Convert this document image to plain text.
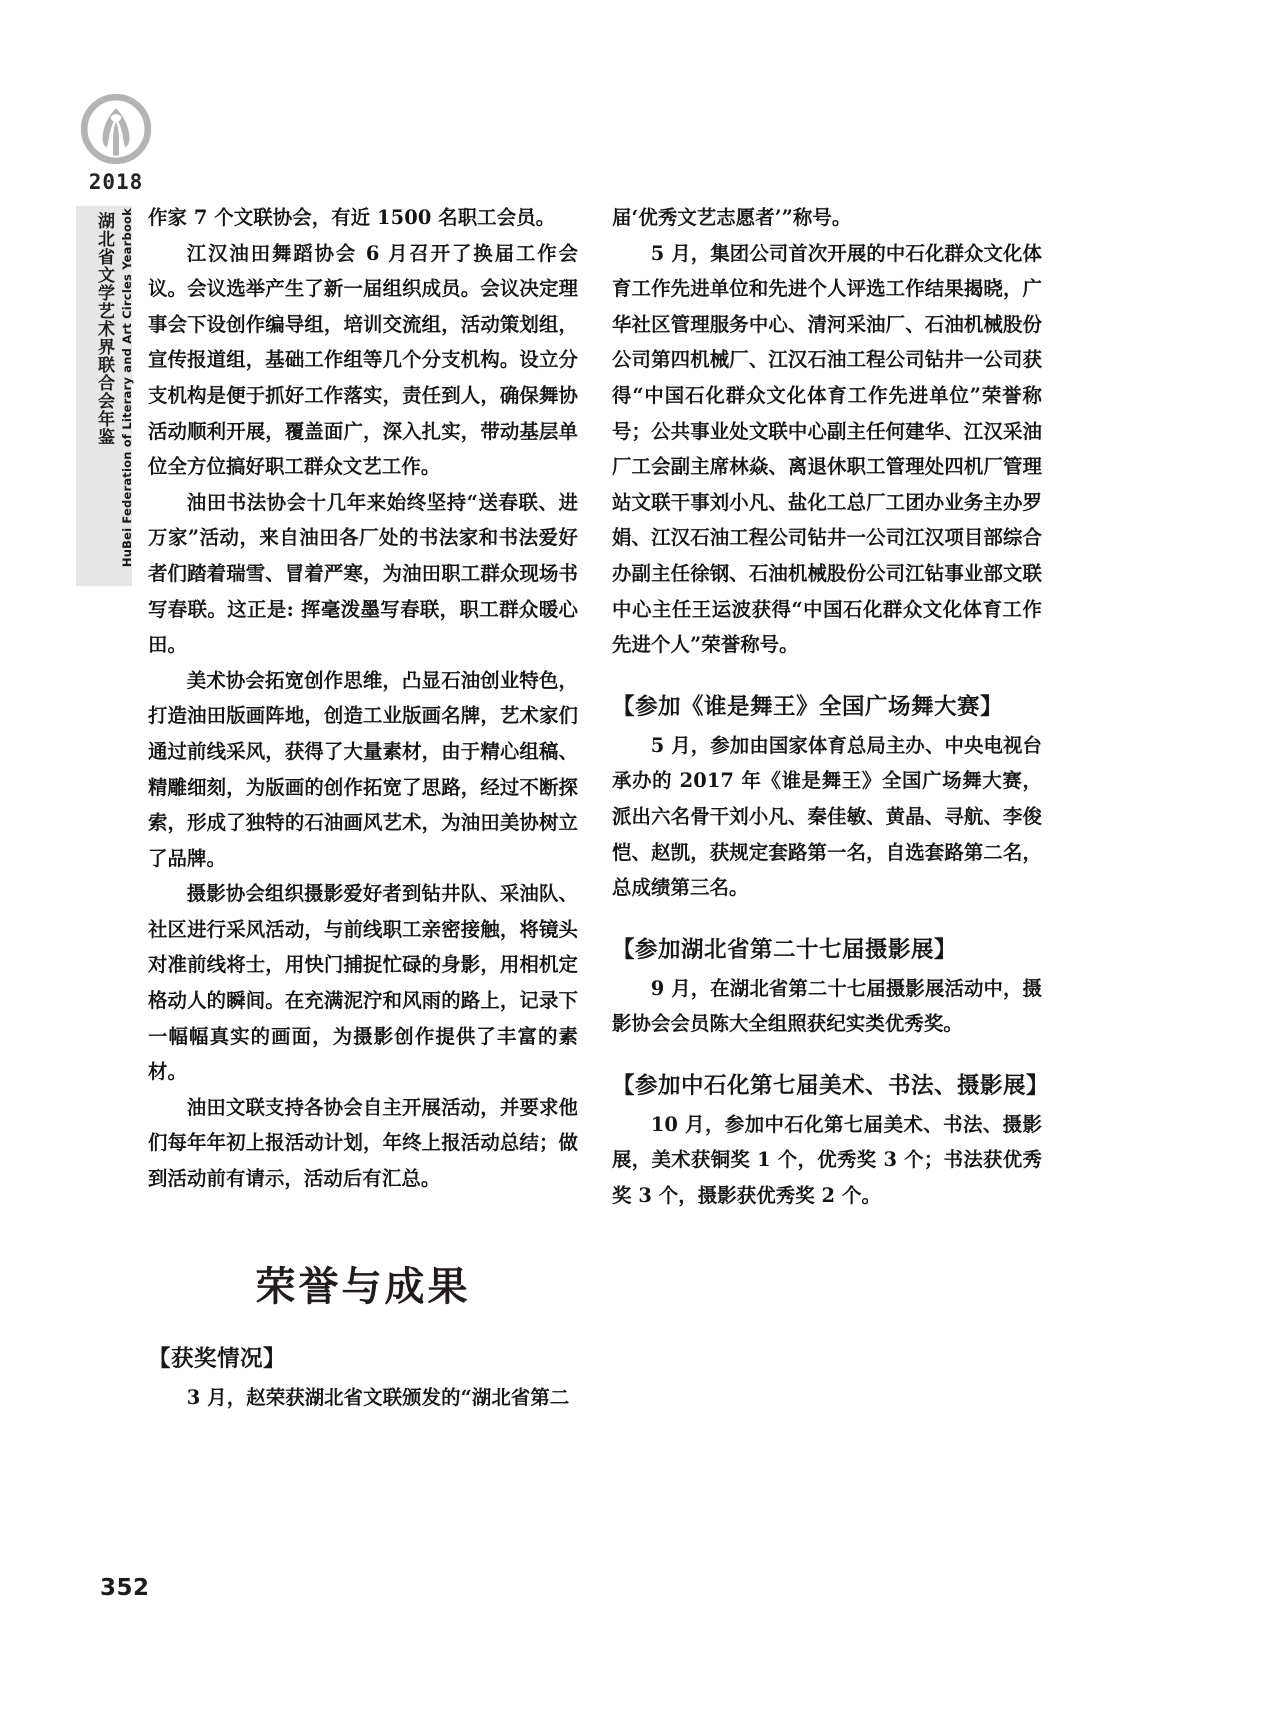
2018
湖北省文学艺术界联合会年鉴 HuBei Federation of Literary and Art Circles Yearbook 作家 7 个文联协会，有近 1500 名职工会员。

江汉油田舞蹈协会 6 月召开了换届工作会议。会议选举产生了新一届组织成员。会议决定理事会下设创作编导组，培训交流组，活动策划组，宣传报道组，基础工作组等几个分支机构。设立分支机构是便于抓好工作落实，责任到人，确保舞协活动顺利开展，覆盖面广，深入扎实，带动基层单位全方位搞好职工群众文艺工作。

油田书法协会十几年来始终坚持“送春联、进万家”活动，来自油田各厂处的书法家和书法爱好者们踏着瑞雪、冒着严寒，为油田职工群众现场书写春联。这正是: 挥毫泼墨写春联，职工群众暖心田。

美术协会拓宽创作思维，凸显石油创业特色，打造油田版画阵地，创造工业版画名牌，艺术家们通过前线采风，获得了大量素材，由于精心组稿、精雕细刻，为版画的创作拓宽了思路，经过不断探索，形成了独特的石油画风艺术，为油田美协树立了品牌。

摄影协会组织摄影爱好者到钻井队、采油队、社区进行采风活动，与前线职工亲密接触，将镜头对准前线将士，用快门捕捉忙碌的身影，用相机定格动人的瞬间。在充满泥泞和风雨的路上，记录下一幅幅真实的画面，为摄影创作提供了丰富的素材。

油田文联支持各协会自主开展活动，并要求他们每年年初上报活动计划，年终上报活动总结；做到活动前有请示，活动后有汇总。

荣誉与成果
【获奖情况】

3 月，赵荣获湖北省文联颁发的“湖北省第二

届‘优秀文艺志愿者’”称号。

5 月，集团公司首次开展的中石化群众文化体育工作先进单位和先进个人评选工作结果揭晓，广华社区管理服务中心、清河采油厂、石油机械股份公司第四机械厂、江汉石油工程公司钻井一公司获得“中国石化群众文化体育工作先进单位”荣誉称号；公共事业处文联中心副主任何建华、江汉采油厂工会副主席林焱、离退休职工管理处四机厂管理站文联干事刘小凡、盐化工总厂工团办业务主办罗娟、江汉石油工程公司钻井一公司江汉项目部综合办副主任徐钢、石油机械股份公司江钻事业部文联中心主任王运波获得“中国石化群众文化体育工作先进个人”荣誉称号。

【参加《谁是舞王》全国广场舞大赛】

5 月，参加由国家体育总局主办、中央电视台承办的 2017 年《谁是舞王》全国广场舞大赛，派出六名骨干刘小凡、秦佳敏、黄晶、寻航、李俊恺、赵凯，获规定套路第一名，自选套路第二名，总成绩第三名。

【参加湖北省第二十七届摄影展】

9 月，在湖北省第二十七届摄影展活动中，摄影协会会员陈大全组照获纪实类优秀奖。

【参加中石化第七届美术、书法、摄影展】

10 月，参加中石化第七届美术、书法、摄影展，美术获铜奖 1 个，优秀奖 3 个；书法获优秀奖 3 个，摄影获优秀奖 2 个。

352
